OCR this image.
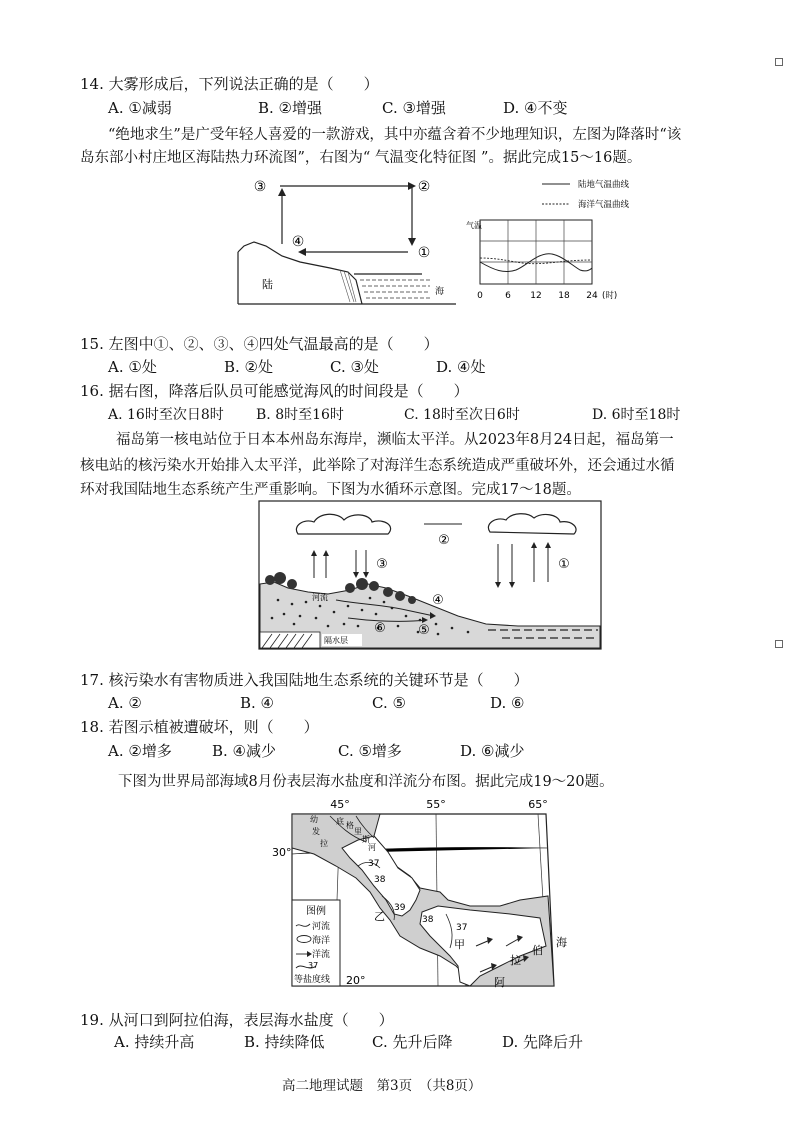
14. 大雾形成后，下列说法正确的是（　　）
A. ①减弱	B. ②增强	C. ③增强	D. ④不变
“绝地求生”是广受年轻人喜爱的一款游戏，其中亦蕴含着不少地理知识，左图为降落时“该
岛东部小村庄地区海陆热力环流图”，右图为“ 气温变化特征图 ”。据此完成15～16题。
③	②
④
①
陆
海
陆地气温曲线
海洋气温曲线
气温
0 6 12 18 24 (时)
15. 左图中①、②、③、④四处气温最高的是（　　）
A. ①处	B. ②处	C. ③处	D. ④处
16. 据右图，降落后队员可能感觉海风的时间段是（　　）
A. 16时至次日8时 B. 8时至16时	C. 18时至次日6时	D. 6时至18时
福岛第一核电站位于日本本州岛东海岸，濒临太平洋。从2023年8月24日起，福岛第一
核电站的核污染水开始排入太平洋，此举除了对海洋生态系统造成严重破坏外，还会通过水循
环对我国陆地生态系统产生严重影响。下图为水循环示意图。完成17～18题。
②
③	①
隔水层
河流	④
⑥ ⑤
17. 核污染水有害物质进入我国陆地生态系统的关键环节是（　　）
A. ②	B. ④	C. ⑤	D. ⑥
18. 若图示植被遭破坏，则（　　）
A. ②增多	B. ④减少	C. ⑤增多	D. ⑥减少
下图为世界局部海域8月份表层海水盐度和洋流分布图。据此完成19～20题。
45°	55°	65°
30°
20°
幼
发
拉
底 格
里
斯
河
37
38
39
38
37
乙
甲
阿
拉
伯
海
图例
河流
海洋
洋流
37
等盐度线
19. 从河口到阿拉伯海，表层海水盐度（　　）
A. 持续升高	B. 持续降低	C. 先升后降	D. 先降后升
高二地理试题　第3页　（共8页）
